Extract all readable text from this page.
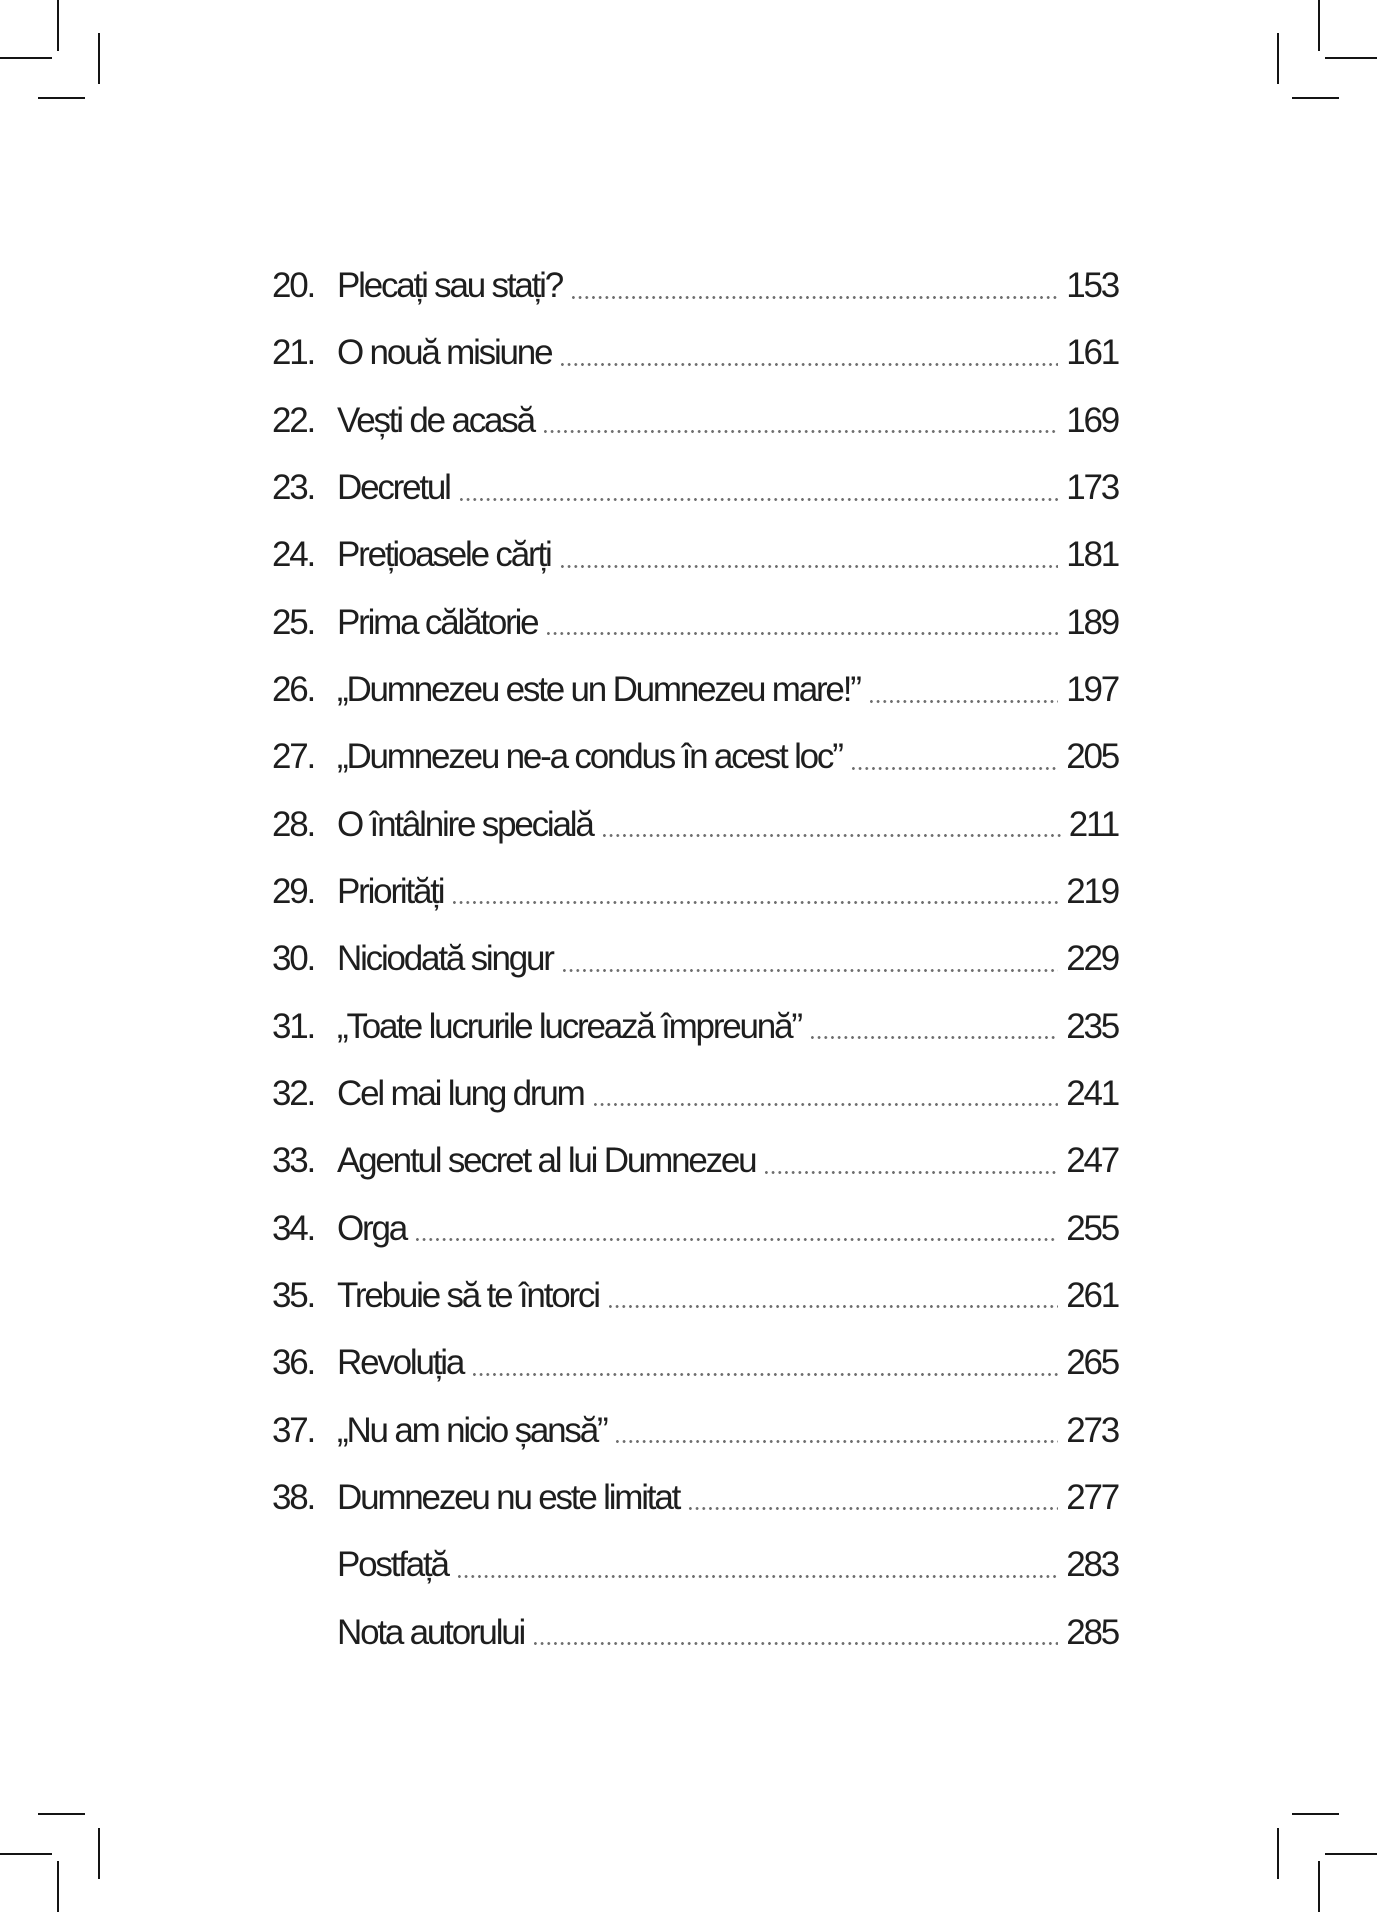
20. Plecați sau stați?	153
21. O nouă misiune	161
22. Vești de acasă	169
23. Decretul	173
24. Prețioasele cărți	181
25. Prima călătorie	189
26. „Dumnezeu este un Dumnezeu mare!”	197
27. „Dumnezeu ne-a condus în acest loc”	205
28. O întâlnire specială	211
29. Priorități	219
30. Niciodată singur	229
31. „Toate lucrurile lucrează împreună”	235
32. Cel mai lung drum	241
33. Agentul secret al lui Dumnezeu	247
34. Orga	255
35. Trebuie să te întorci	261
36. Revoluția	265
37. „Nu am nicio șansă”	273
38. Dumnezeu nu este limitat	277
Postfață	283
Nota autorului	285
